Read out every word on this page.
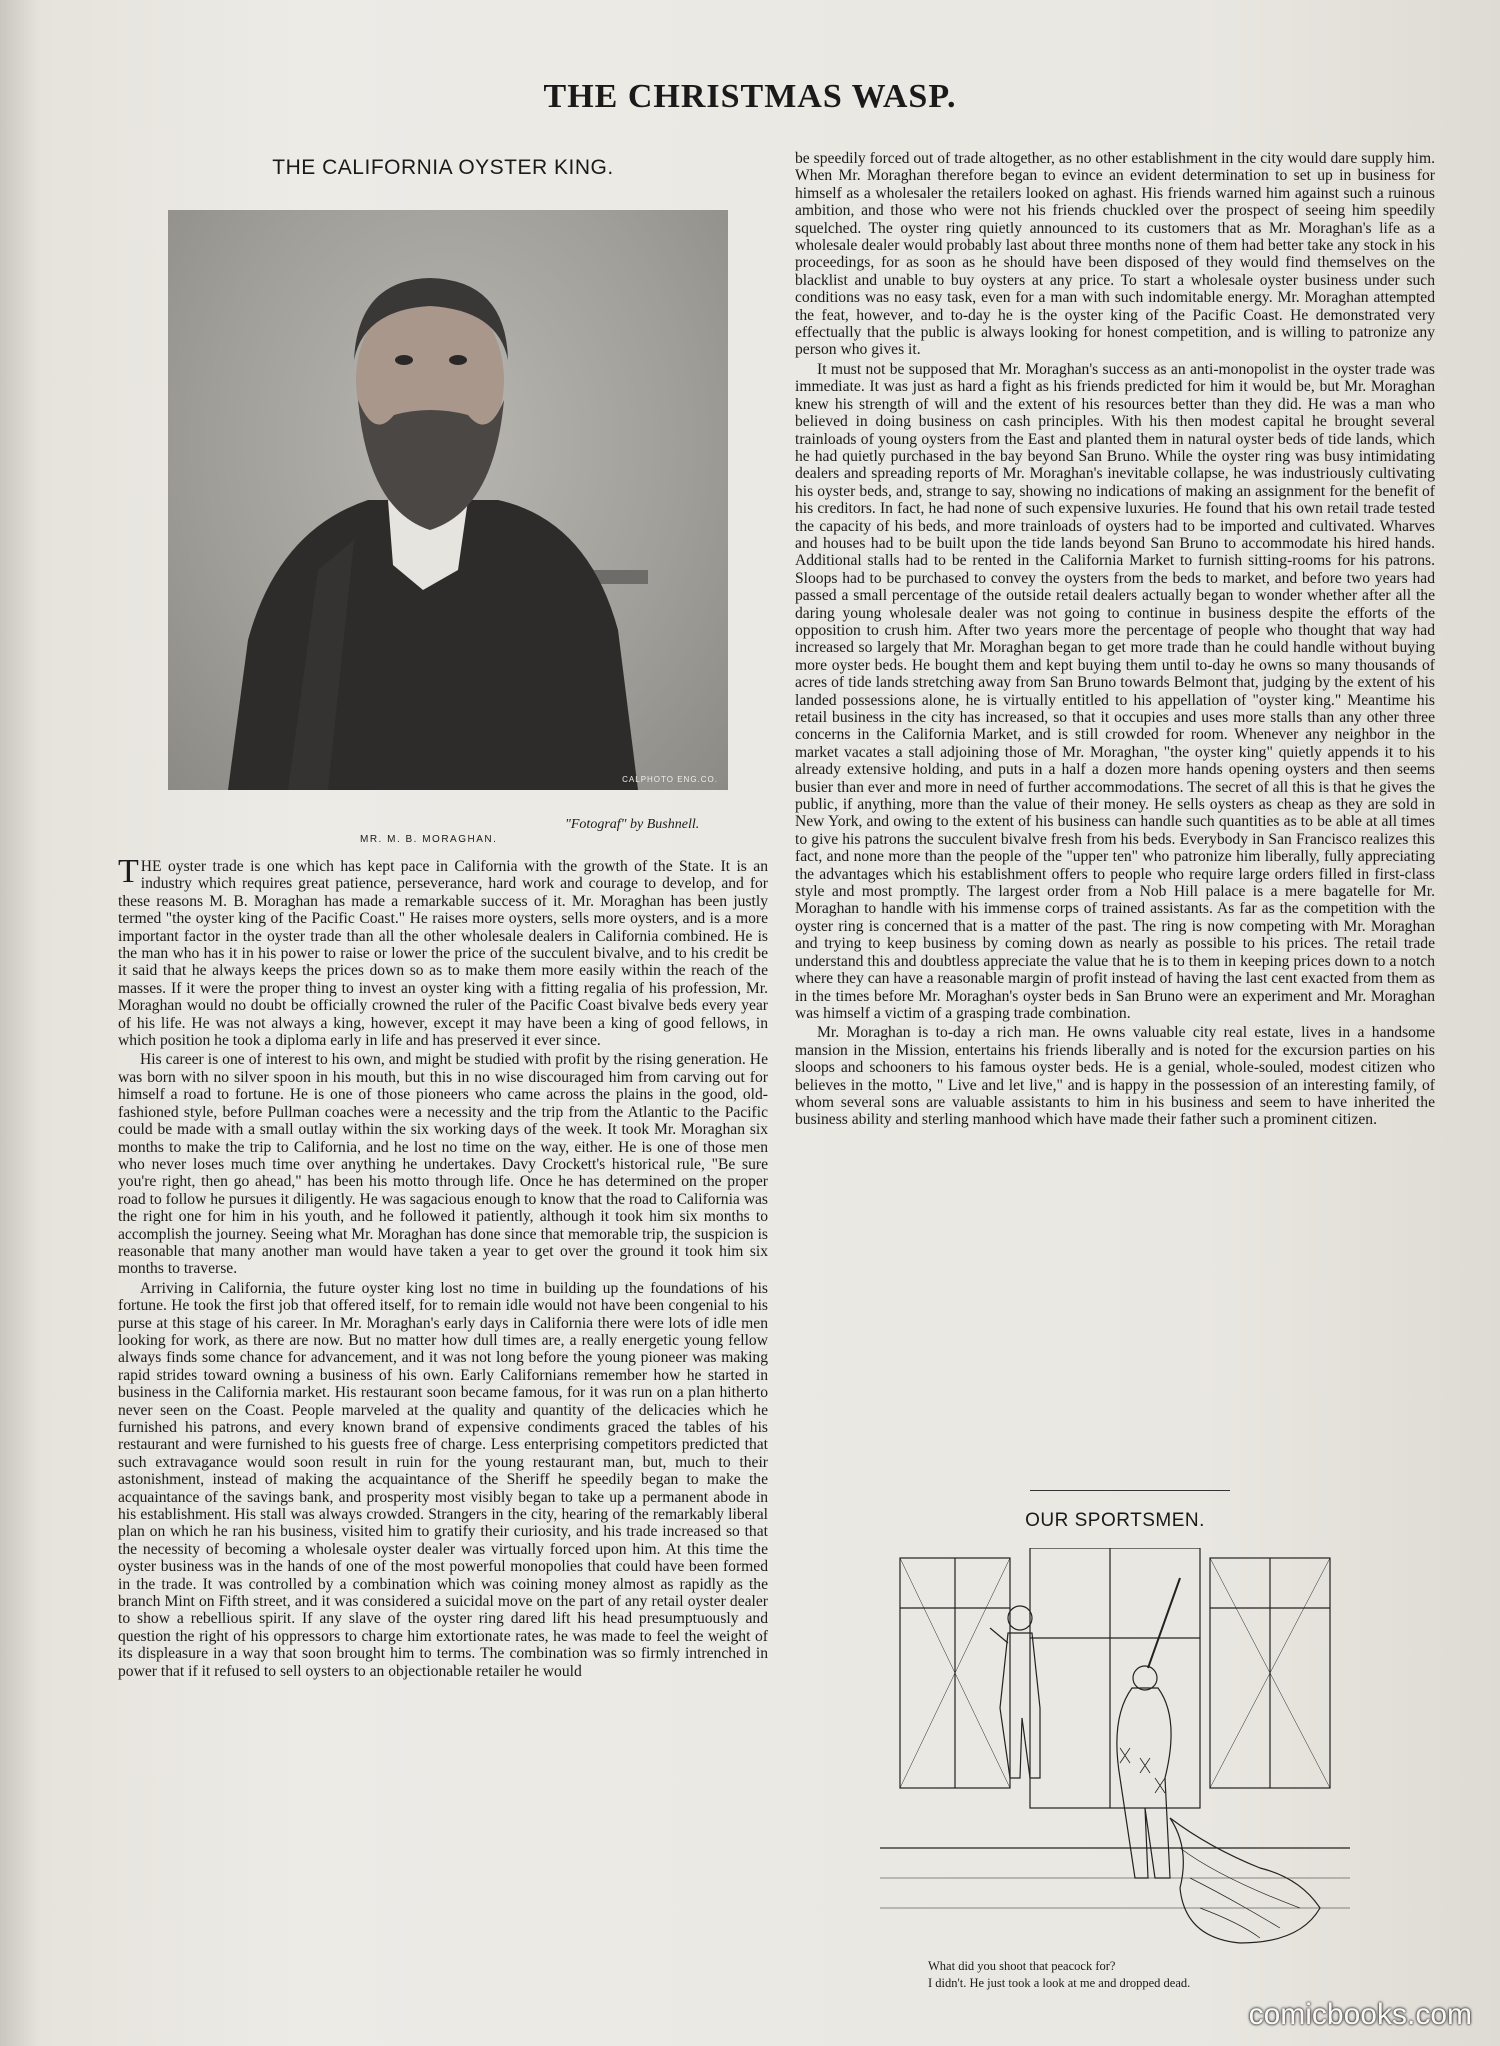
THE CHRISTMAS WASP.
THE CALIFORNIA OYSTER KING.
CALPHOTO ENG.CO.
"Fotograf" by Bushnell.
MR. M. B. MORAGHAN.

THE oyster trade is one which has kept pace in California with the growth of the State. It is an industry which requires great patience, perseverance, hard work and courage to develop, and for these reasons M. B. Moraghan has made a remarkable success of it. Mr. Moraghan has been justly termed "the oyster king of the Pacific Coast." He raises more oysters, sells more oysters, and is a more important factor in the oyster trade than all the other wholesale dealers in California combined. He is the man who has it in his power to raise or lower the price of the succulent bivalve, and to his credit be it said that he always keeps the prices down so as to make them more easily within the reach of the masses. If it were the proper thing to invest an oyster king with a fitting regalia of his profession, Mr. Moraghan would no doubt be officially crowned the ruler of the Pacific Coast bivalve beds every year of his life. He was not always a king, however, except it may have been a king of good fellows, in which position he took a diploma early in life and has preserved it ever since.

His career is one of interest to his own, and might be studied with profit by the rising generation. He was born with no silver spoon in his mouth, but this in no wise discouraged him from carving out for himself a road to fortune. He is one of those pioneers who came across the plains in the good, old-fashioned style, before Pullman coaches were a necessity and the trip from the Atlantic to the Pacific could be made with a small outlay within the six working days of the week. It took Mr. Moraghan six months to make the trip to California, and he lost no time on the way, either. He is one of those men who never loses much time over anything he undertakes. Davy Crockett's historical rule, "Be sure you're right, then go ahead," has been his motto through life. Once he has determined on the proper road to follow he pursues it diligently. He was sagacious enough to know that the road to California was the right one for him in his youth, and he followed it patiently, although it took him six months to accomplish the journey. Seeing what Mr. Moraghan has done since that memorable trip, the suspicion is reasonable that many another man would have taken a year to get over the ground it took him six months to traverse.

Arriving in California, the future oyster king lost no time in building up the foundations of his fortune. He took the first job that offered itself, for to remain idle would not have been congenial to his purse at this stage of his career. In Mr. Moraghan's early days in California there were lots of idle men looking for work, as there are now. But no matter how dull times are, a really energetic young fellow always finds some chance for advancement, and it was not long before the young pioneer was making rapid strides toward owning a business of his own. Early Californians remember how he started in business in the California market. His restaurant soon became famous, for it was run on a plan hitherto never seen on the Coast. People marveled at the quality and quantity of the delicacies which he furnished his patrons, and every known brand of expensive condiments graced the tables of his restaurant and were furnished to his guests free of charge. Less enterprising competitors predicted that such extravagance would soon result in ruin for the young restaurant man, but, much to their astonishment, instead of making the acquaintance of the Sheriff he speedily began to make the acquaintance of the savings bank, and prosperity most visibly began to take up a permanent abode in his establishment. His stall was always crowded. Strangers in the city, hearing of the remarkably liberal plan on which he ran his business, visited him to gratify their curiosity, and his trade increased so that the necessity of becoming a wholesale oyster dealer was virtually forced upon him. At this time the oyster business was in the hands of one of the most powerful monopolies that could have been formed in the trade. It was controlled by a combination which was coining money almost as rapidly as the branch Mint on Fifth street, and it was considered a suicidal move on the part of any retail oyster dealer to show a rebellious spirit. If any slave of the oyster ring dared lift his head presumptuously and question the right of his oppressors to charge him extortionate rates, he was made to feel the weight of its displeasure in a way that soon brought him to terms. The combination was so firmly intrenched in power that if it refused to sell oysters to an objectionable retailer he would

be speedily forced out of trade altogether, as no other establishment in the city would dare supply him. When Mr. Moraghan therefore began to evince an evident determination to set up in business for himself as a wholesaler the retailers looked on aghast. His friends warned him against such a ruinous ambition, and those who were not his friends chuckled over the prospect of seeing him speedily squelched. The oyster ring quietly announced to its customers that as Mr. Moraghan's life as a wholesale dealer would probably last about three months none of them had better take any stock in his proceedings, for as soon as he should have been disposed of they would find themselves on the blacklist and unable to buy oysters at any price. To start a wholesale oyster business under such conditions was no easy task, even for a man with such indomitable energy. Mr. Moraghan attempted the feat, however, and to-day he is the oyster king of the Pacific Coast. He demonstrated very effectually that the public is always looking for honest competition, and is willing to patronize any person who gives it.

It must not be supposed that Mr. Moraghan's success as an anti-monopolist in the oyster trade was immediate. It was just as hard a fight as his friends predicted for him it would be, but Mr. Moraghan knew his strength of will and the extent of his resources better than they did. He was a man who believed in doing business on cash principles. With his then modest capital he brought several trainloads of young oysters from the East and planted them in natural oyster beds of tide lands, which he had quietly purchased in the bay beyond San Bruno. While the oyster ring was busy intimidating dealers and spreading reports of Mr. Moraghan's inevitable collapse, he was industriously cultivating his oyster beds, and, strange to say, showing no indications of making an assignment for the benefit of his creditors. In fact, he had none of such expensive luxuries. He found that his own retail trade tested the capacity of his beds, and more trainloads of oysters had to be imported and cultivated. Wharves and houses had to be built upon the tide lands beyond San Bruno to accommodate his hired hands. Additional stalls had to be rented in the California Market to furnish sitting-rooms for his patrons. Sloops had to be purchased to convey the oysters from the beds to market, and before two years had passed a small percentage of the outside retail dealers actually began to wonder whether after all the daring young wholesale dealer was not going to continue in business despite the efforts of the opposition to crush him. After two years more the percentage of people who thought that way had increased so largely that Mr. Moraghan began to get more trade than he could handle without buying more oyster beds. He bought them and kept buying them until to-day he owns so many thousands of acres of tide lands stretching away from San Bruno towards Belmont that, judging by the extent of his landed possessions alone, he is virtually entitled to his appellation of "oyster king." Meantime his retail business in the city has increased, so that it occupies and uses more stalls than any other three concerns in the California Market, and is still crowded for room. Whenever any neighbor in the market vacates a stall adjoining those of Mr. Moraghan, "the oyster king" quietly appends it to his already extensive holding, and puts in a half a dozen more hands opening oysters and then seems busier than ever and more in need of further accommodations. The secret of all this is that he gives the public, if anything, more than the value of their money. He sells oysters as cheap as they are sold in New York, and owing to the extent of his business can handle such quantities as to be able at all times to give his patrons the succulent bivalve fresh from his beds. Everybody in San Francisco realizes this fact, and none more than the people of the "upper ten" who patronize him liberally, fully appreciating the advantages which his establishment offers to people who require large orders filled in first-class style and most promptly. The largest order from a Nob Hill palace is a mere bagatelle for Mr. Moraghan to handle with his immense corps of trained assistants. As far as the competition with the oyster ring is concerned that is a matter of the past. The ring is now competing with Mr. Moraghan and trying to keep business by coming down as nearly as possible to his prices. The retail trade understand this and doubtless appreciate the value that he is to them in keeping prices down to a notch where they can have a reasonable margin of profit instead of having the last cent exacted from them as in the times before Mr. Moraghan's oyster beds in San Bruno were an experiment and Mr. Moraghan was himself a victim of a grasping trade combination.

Mr. Moraghan is to-day a rich man. He owns valuable city real estate, lives in a handsome mansion in the Mission, entertains his friends liberally and is noted for the excursion parties on his sloops and schooners to his famous oyster beds. He is a genial, whole-souled, modest citizen who believes in the motto, " Live and let live," and is happy in the possession of an interesting family, of whom several sons are valuable assistants to him in his business and seem to have inherited the business ability and sterling manhood which have made their father such a prominent citizen.

OUR SPORTSMEN.
What did you shoot that peacock for?
I didn't. He just took a look at me and dropped dead.
comicbooks.com
